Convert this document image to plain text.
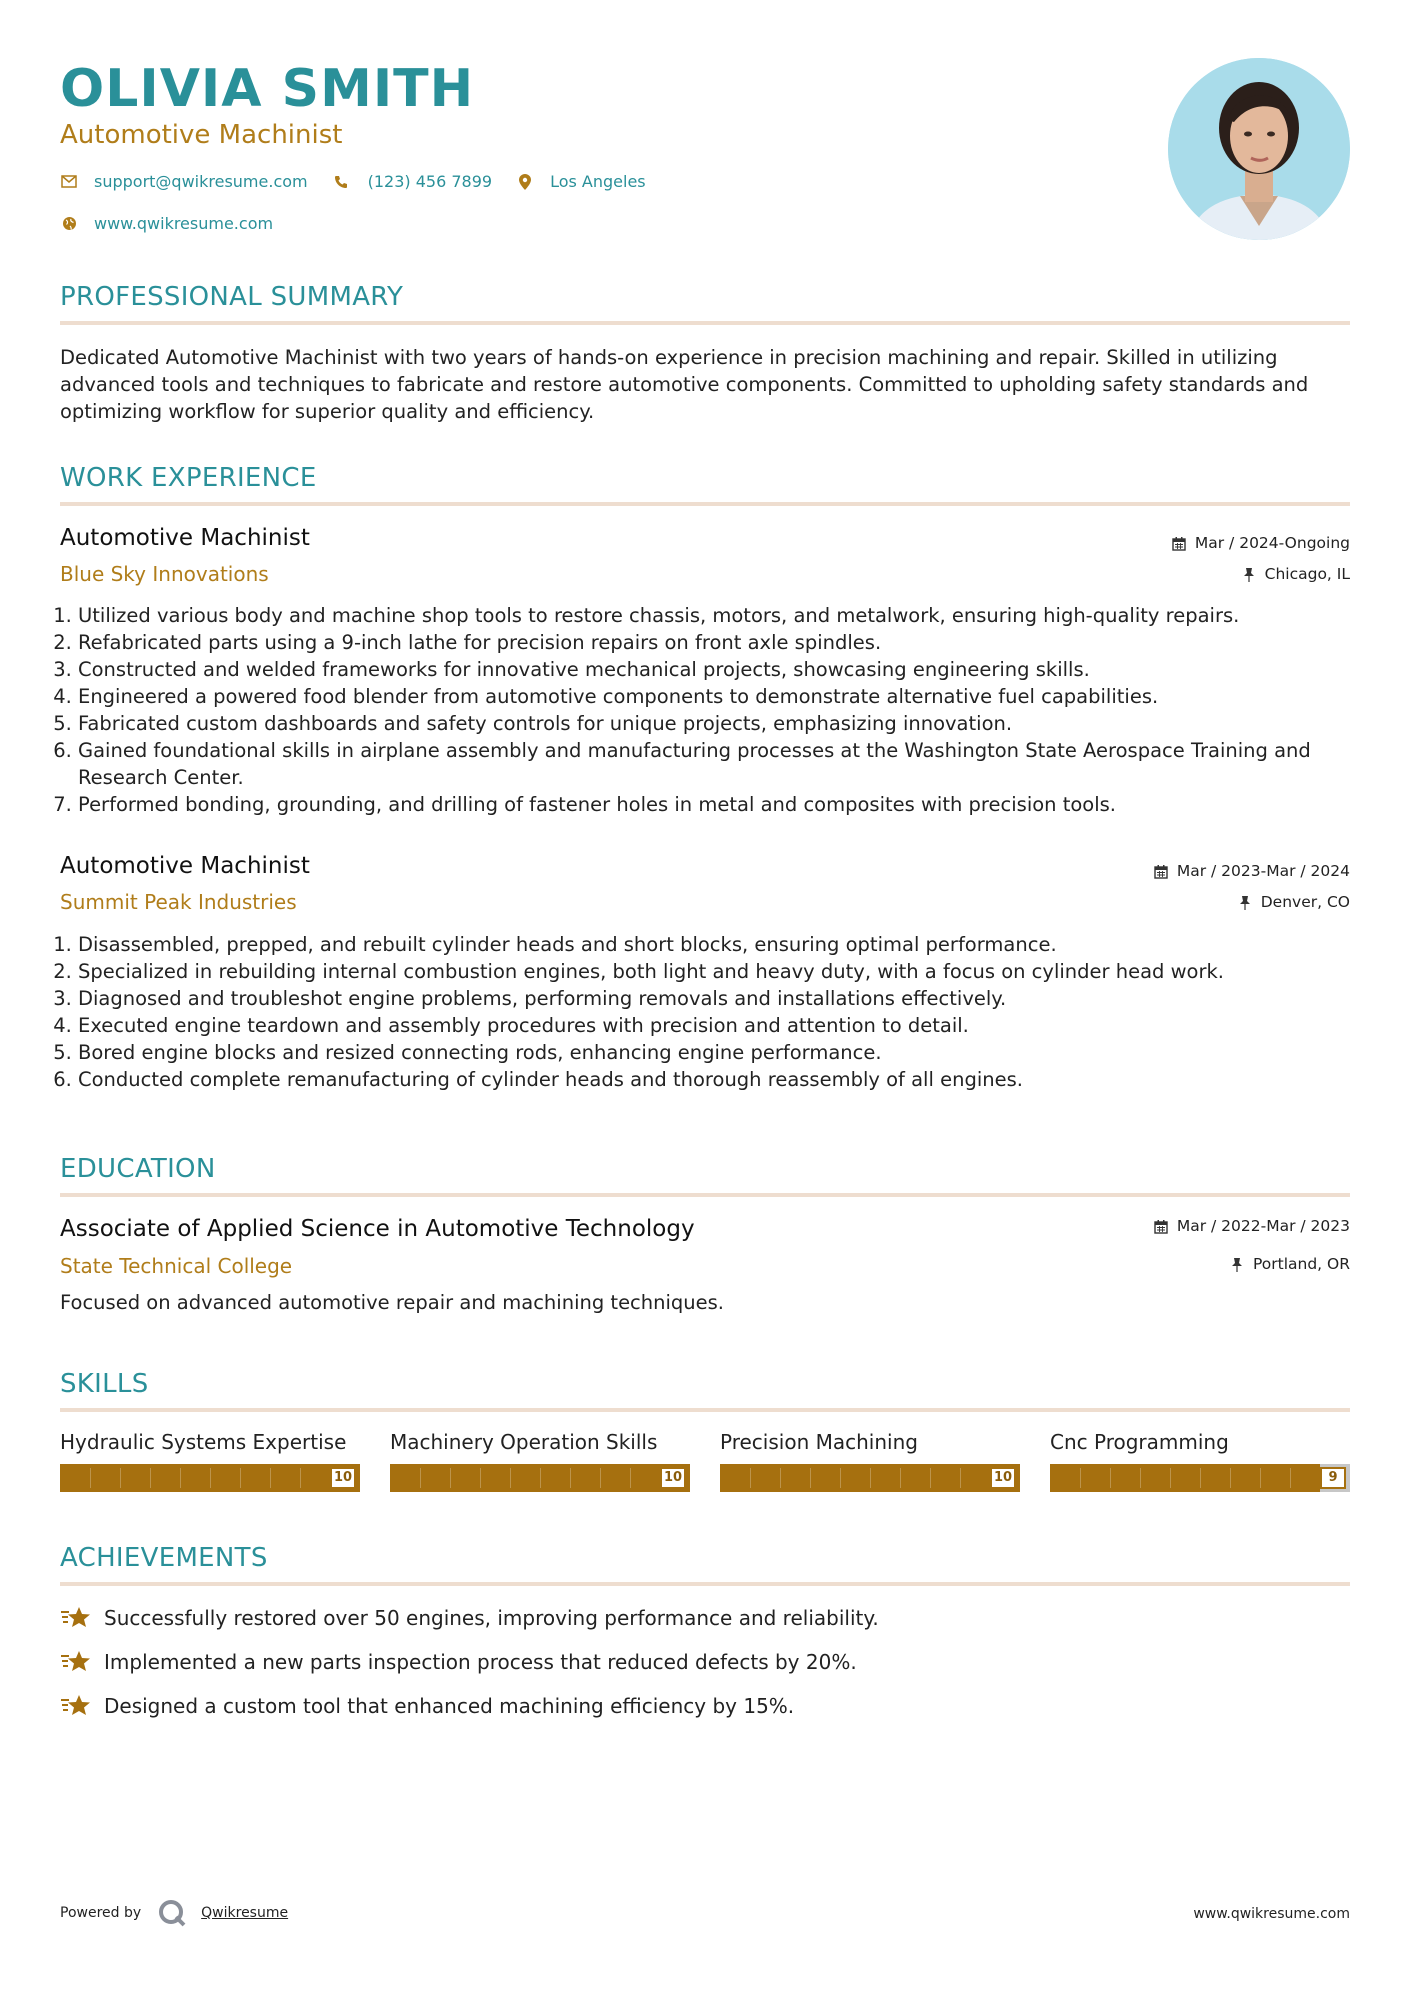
OLIVIA SMITH
Automotive Machinist
support@qwikresume.com	(123) 456 7899	Los Angeles
www.qwikresume.com
PROFESSIONAL SUMMARY
Dedicated Automotive Machinist with two years of hands-on experience in precision machining and repair. Skilled in utilizing advanced tools and techniques to fabricate and restore automotive components. Committed to upholding safety standards and optimizing workflow for superior quality and efficiency.
WORK EXPERIENCE
Automotive Machinist
Blue Sky Innovations
Mar / 2024-Ongoing
Chicago, IL
1. Utilized various body and machine shop tools to restore chassis, motors, and metalwork, ensuring high-quality repairs.
2. Refabricated parts using a 9-inch lathe for precision repairs on front axle spindles.
3. Constructed and welded frameworks for innovative mechanical projects, showcasing engineering skills.
4. Engineered a powered food blender from automotive components to demonstrate alternative fuel capabilities.
5. Fabricated custom dashboards and safety controls for unique projects, emphasizing innovation.
6. Gained foundational skills in airplane assembly and manufacturing processes at the Washington State Aerospace Training and Research Center.
7. Performed bonding, grounding, and drilling of fastener holes in metal and composites with precision tools.
Automotive Machinist
Summit Peak Industries
Mar / 2023-Mar / 2024
Denver, CO
1. Disassembled, prepped, and rebuilt cylinder heads and short blocks, ensuring optimal performance.
2. Specialized in rebuilding internal combustion engines, both light and heavy duty, with a focus on cylinder head work.
3. Diagnosed and troubleshot engine problems, performing removals and installations effectively.
4. Executed engine teardown and assembly procedures with precision and attention to detail.
5. Bored engine blocks and resized connecting rods, enhancing engine performance.
6. Conducted complete remanufacturing of cylinder heads and thorough reassembly of all engines.
EDUCATION
Associate of Applied Science in Automotive Technology
State Technical College
Mar / 2022-Mar / 2023
Portland, OR
Focused on advanced automotive repair and machining techniques.
SKILLS
Hydraulic Systems Expertise
10
Machinery Operation Skills
10
Precision Machining
10
Cnc Programming
9
ACHIEVEMENTS
Successfully restored over 50 engines, improving performance and reliability.
Implemented a new parts inspection process that reduced defects by 20%.
Designed a custom tool that enhanced machining efficiency by 15%.
Powered by	Qwikresume	www.qwikresume.com
